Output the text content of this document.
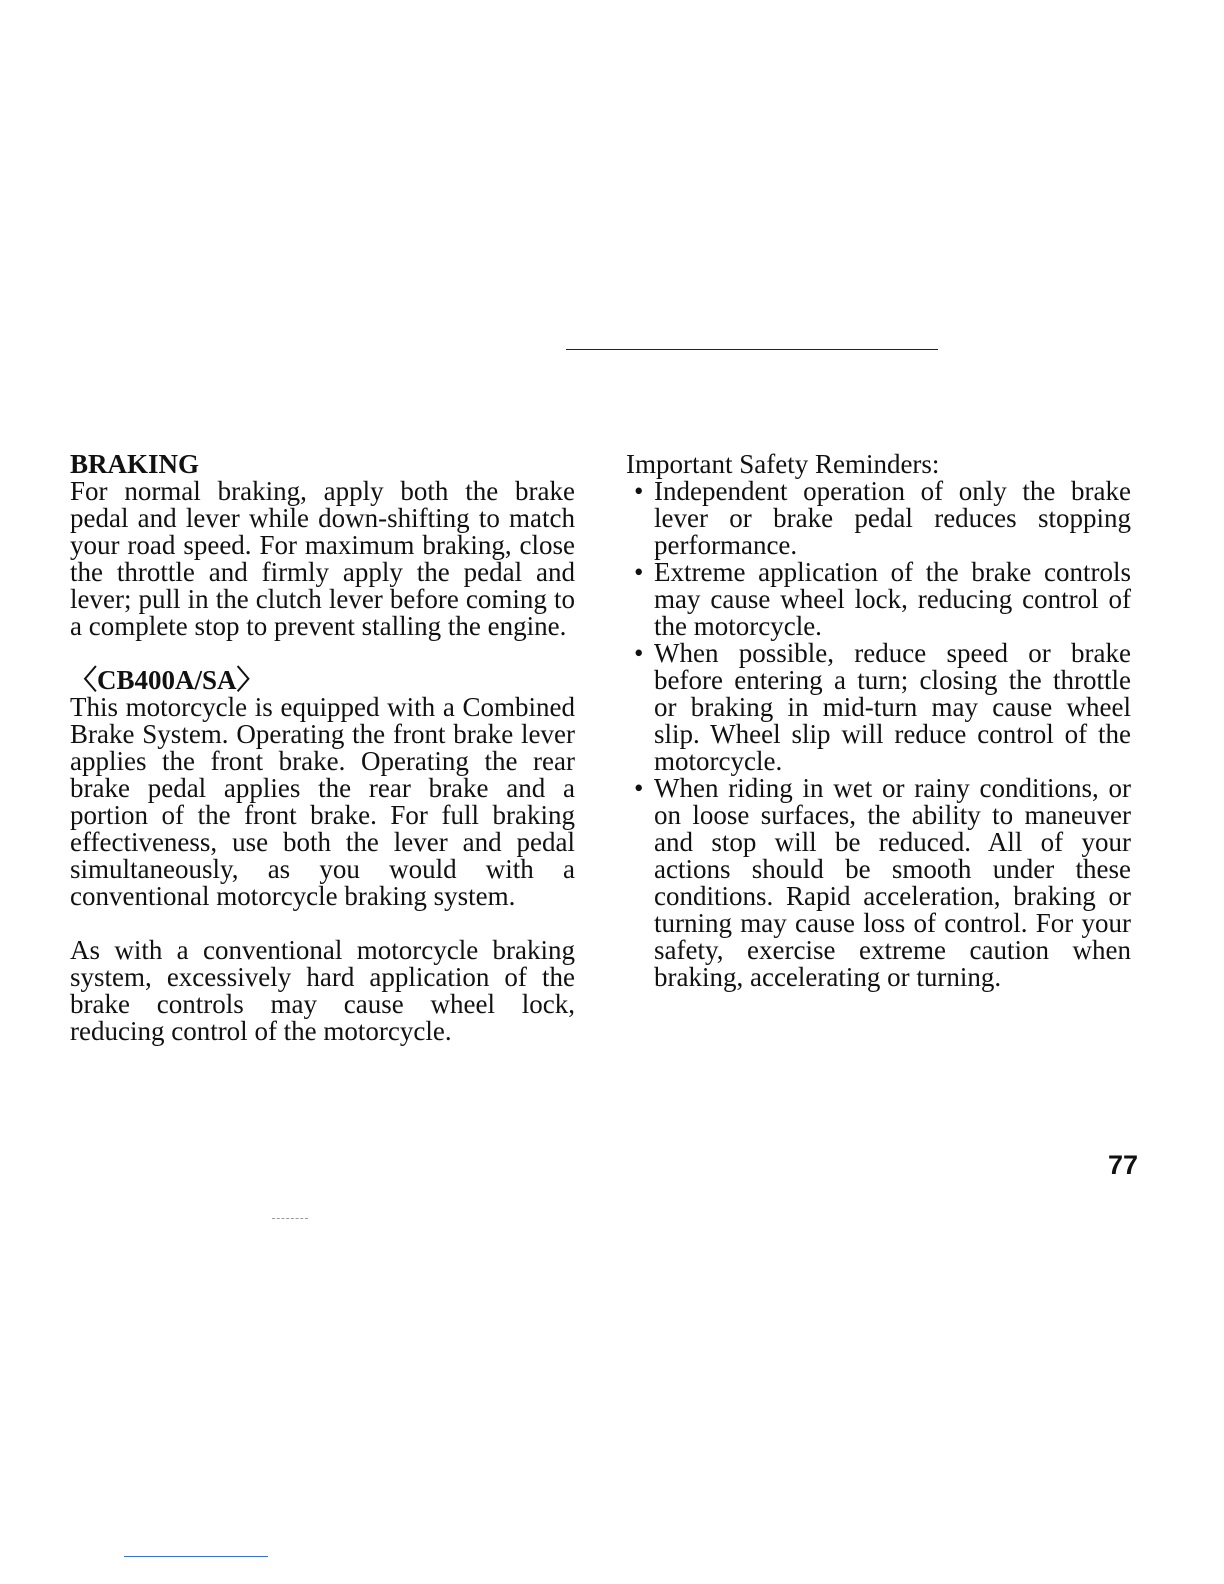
BRAKING

For normal braking, apply both the brake pedal and lever while down-shifting to match your road speed. For maximum braking, close the throttle and firmly apply the pedal and lever; pull in the clutch lever before coming to a complete stop to prevent stalling the engine.

〈CB400A/SA〉

This motorcycle is equipped with a Combined Brake System. Operating the front brake lever applies the front brake. Operating the rear brake pedal applies the rear brake and a portion of the front brake. For full braking effectiveness, use both the lever and pedal simultaneously, as you would with a conventional motorcycle braking system.

As with a conventional motorcycle braking system, excessively hard application of the brake controls may cause wheel lock, reducing control of the motorcycle.

Important Safety Reminders:

• Independent operation of only the brake lever or brake pedal reduces stopping performance.
• Extreme application of the brake controls may cause wheel lock, reducing control of the motorcycle.
• When possible, reduce speed or brake before entering a turn; closing the throttle or braking in mid-turn may cause wheel slip. Wheel slip will reduce control of the motorcycle.
• When riding in wet or rainy conditions, or on loose surfaces, the ability to maneuver and stop will be reduced. All of your actions should be smooth under these conditions. Rapid acceleration, braking or turning may cause loss of control. For your safety, exercise extreme caution when braking, accelerating or turning.
77
